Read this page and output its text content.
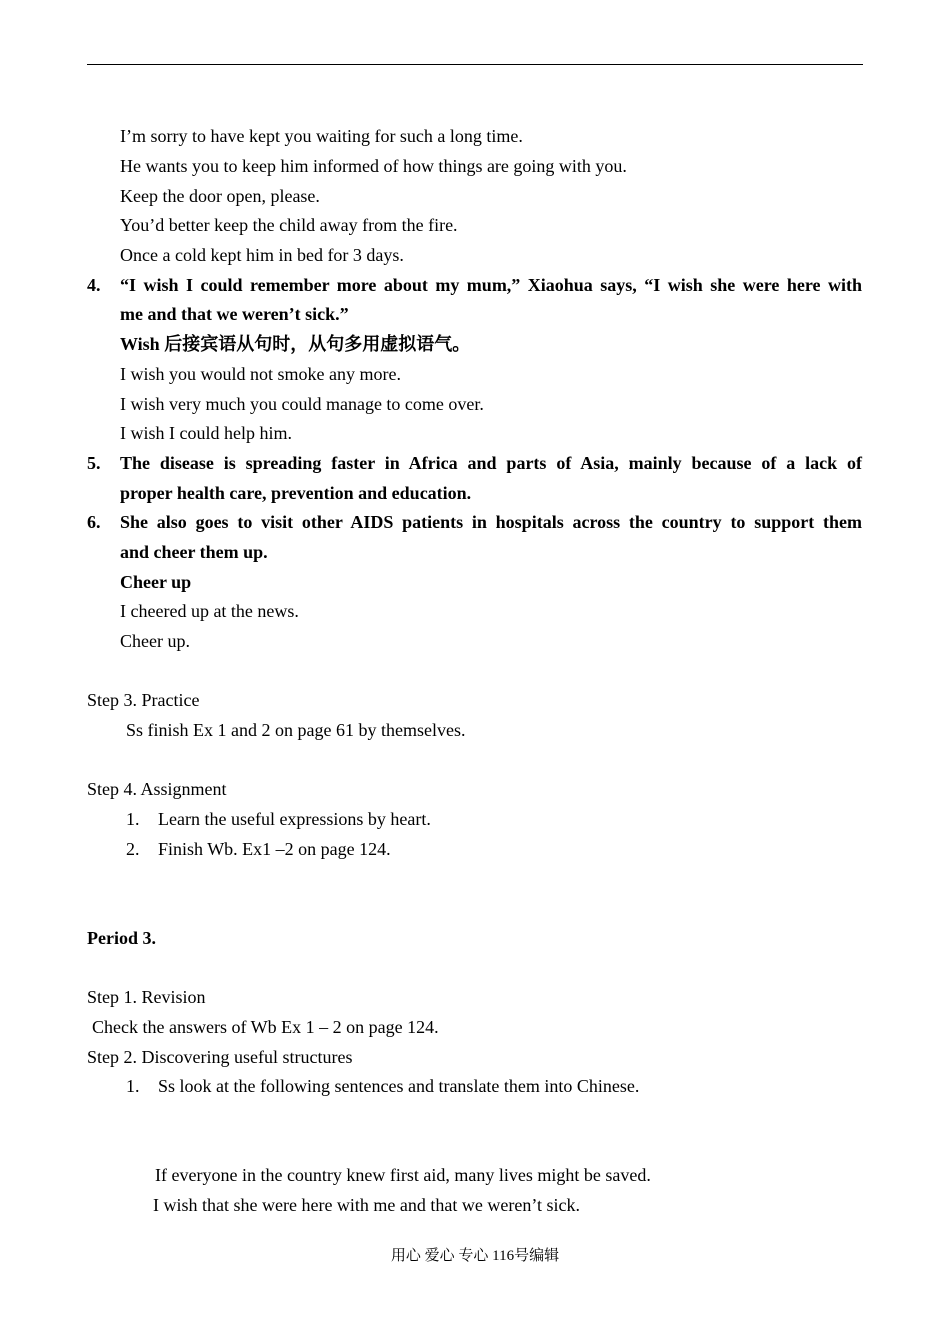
I’m sorry to have kept you waiting for such a long time.
He wants you to keep him informed of how things are going with you.
Keep the door open, please.
You’d better keep the child away from the fire.
Once a cold kept him in bed for 3 days.
4. “I wish I could remember more about my mum,” Xiaohua says, “I wish she were here with
me and that we weren’t sick.”
Wish 后接宾语从句时，从句多用虚拟语气。
I wish you would not smoke any more.
I wish very much you could manage to come over.
I wish I could help him.
5. The disease is spreading faster in Africa and parts of Asia, mainly because of a lack of
proper health care, prevention and education.
6. She also goes to visit other AIDS patients in hospitals across the country to support them
and cheer them up.
Cheer up
I cheered up at the news.
Cheer up.
Step 3. Practice
Ss finish Ex 1 and 2 on page 61 by themselves.
Step 4. Assignment
1. Learn the useful expressions by heart.
2. Finish Wb. Ex1 –2 on page 124.
Period 3.
Step 1. Revision
Check the answers of Wb Ex 1 – 2 on page 124.
Step 2. Discovering useful structures
1. Ss look at the following sentences and translate them into Chinese.
If everyone in the country knew first aid, many lives might be saved.
I wish that she were here with me and that we weren’t sick.
用心 爱心 专心 116号编辑
